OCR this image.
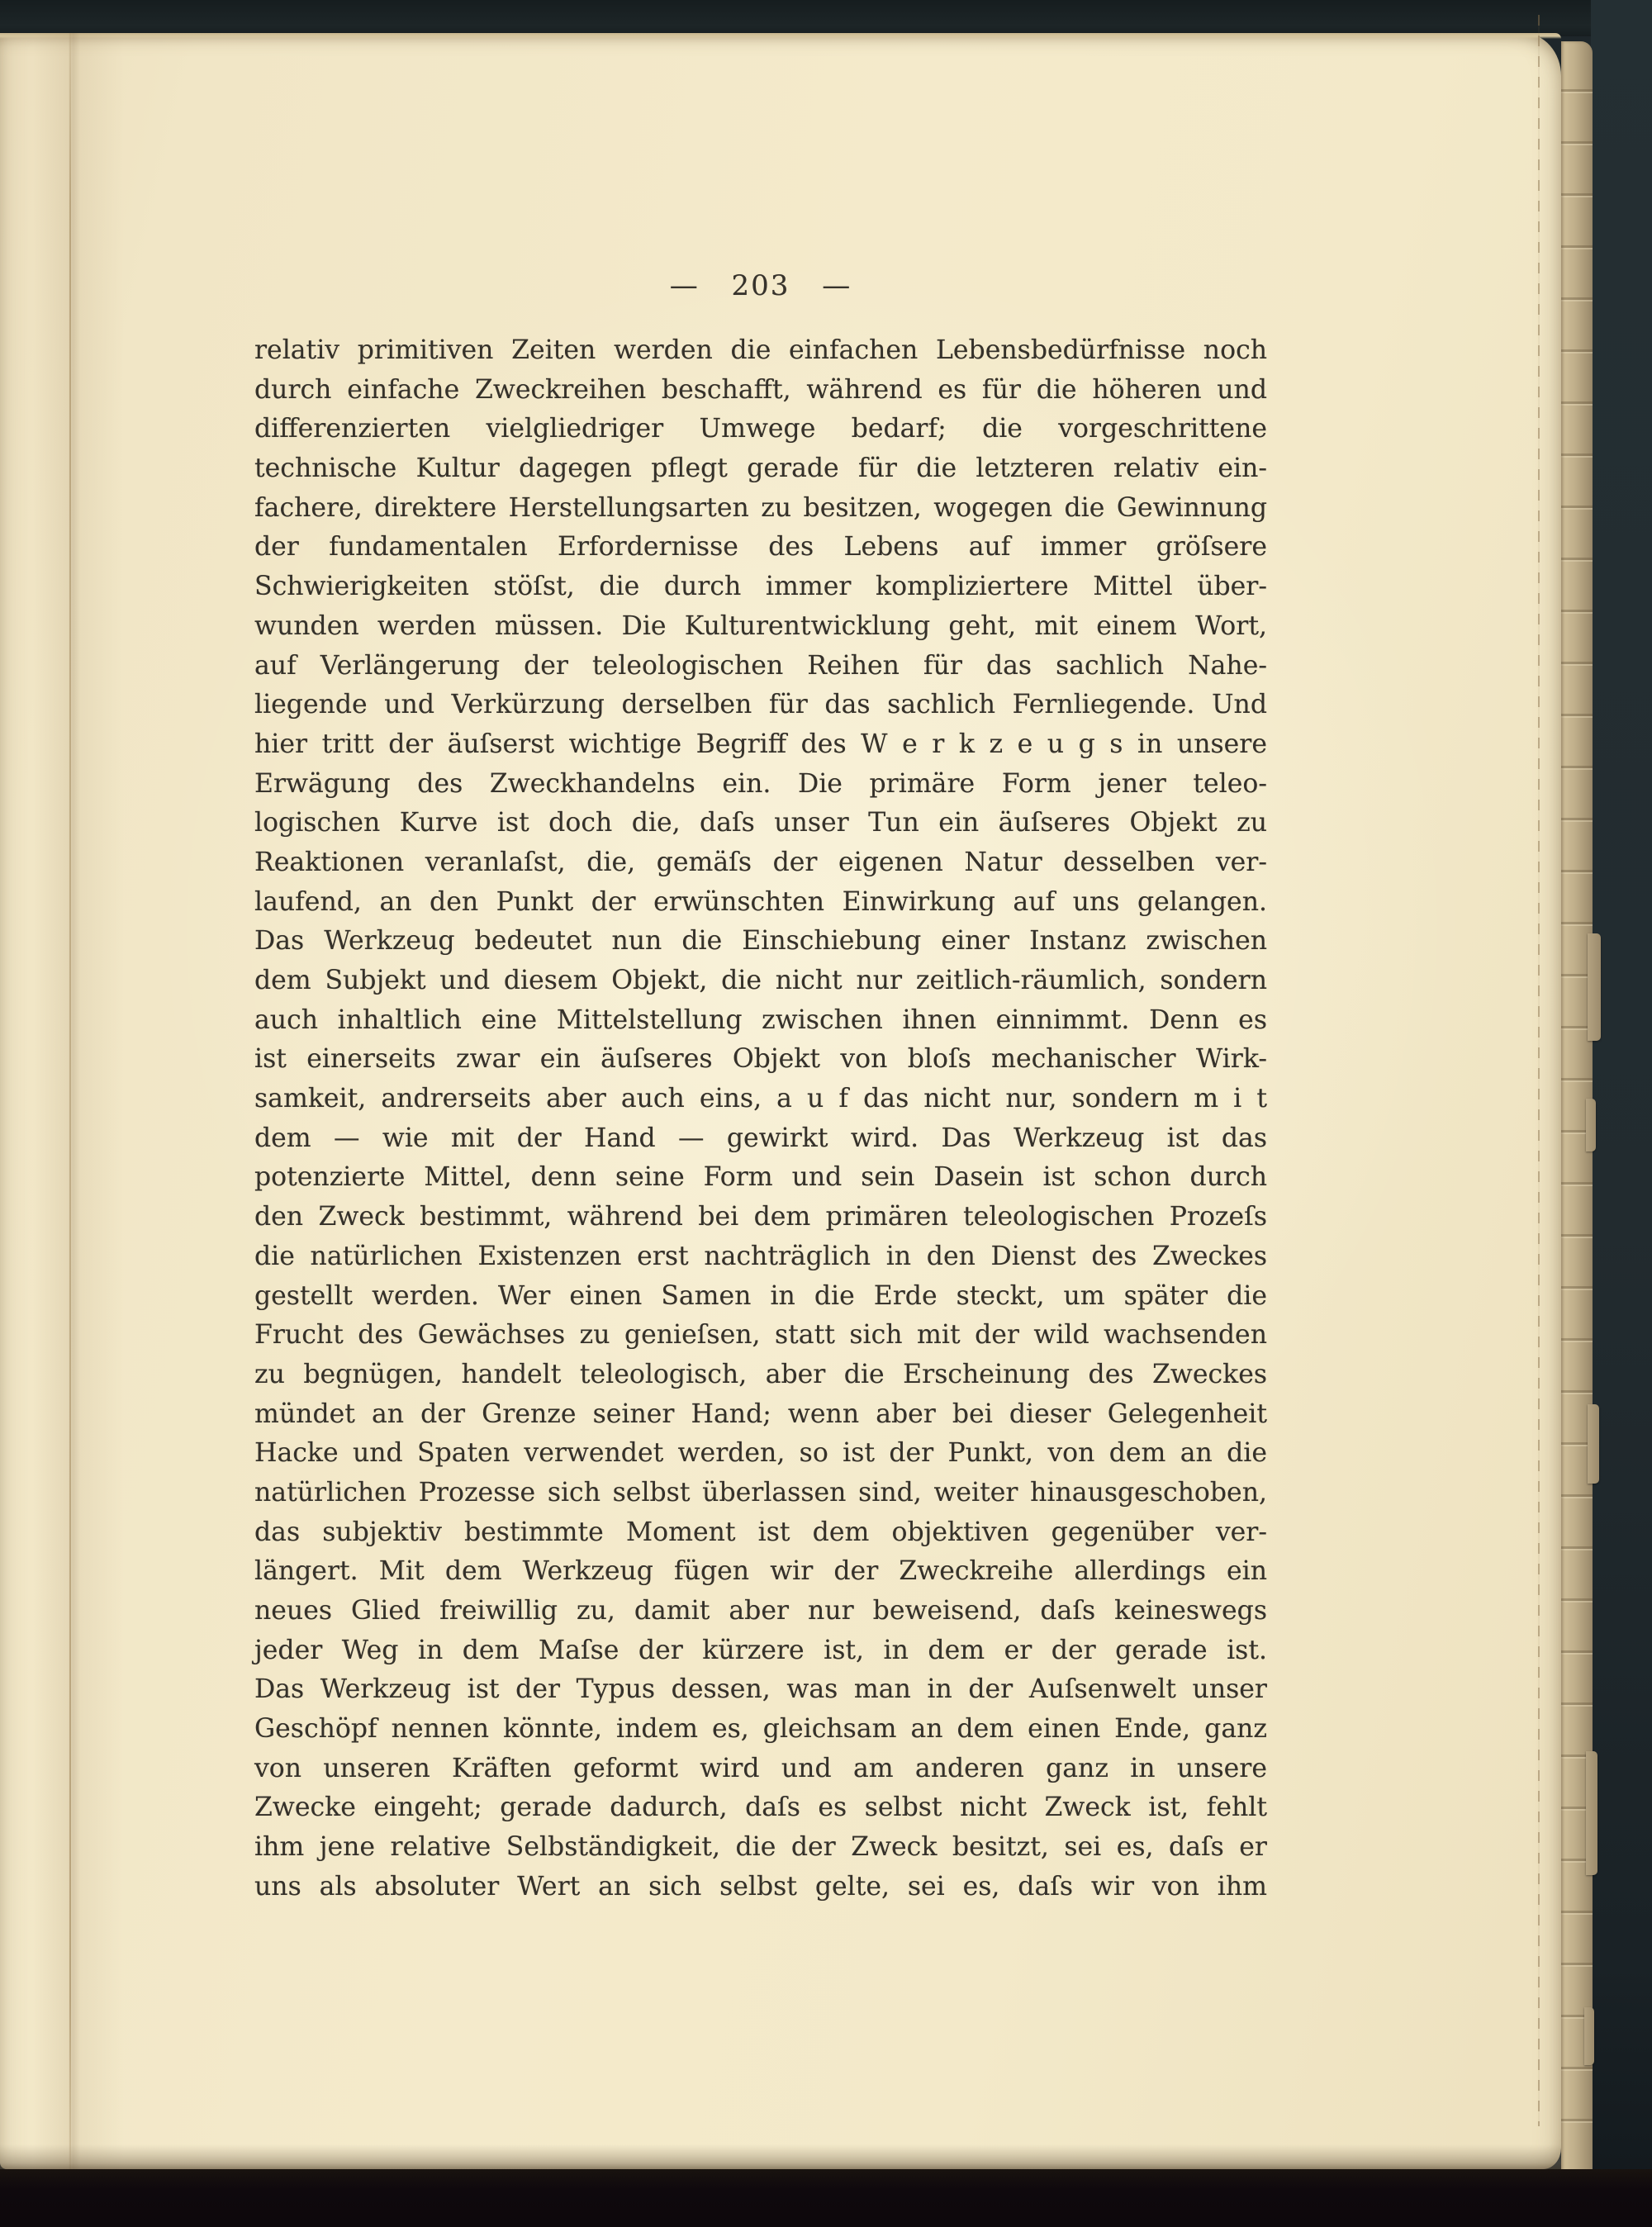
— 203 —
relativ primitiven Zeiten werden die einfachen Lebensbedürfnisse noch
durch einfache Zweckreihen beschafft, während es für die höheren und
differenzierten vielgliedriger Umwege bedarf; die vorgeschrittene
technische Kultur dagegen pflegt gerade für die letzteren relativ ein-
fachere, direktere Herstellungsarten zu besitzen, wogegen die Gewinnung
der fundamentalen Erfordernisse des Lebens auf immer gröſsere
Schwierigkeiten stöſst, die durch immer kompliziertere Mittel über-
wunden werden müssen. Die Kulturentwicklung geht, mit einem Wort,
auf Verlängerung der teleologischen Reihen für das sachlich Nahe-
liegende und Verkürzung derselben für das sachlich Fernliegende. Und
hier tritt der äuſserst wichtige Begriff des W e r k z e u g s in unsere
Erwägung des Zweckhandelns ein. Die primäre Form jener teleo-
logischen Kurve ist doch die, daſs unser Tun ein äuſseres Objekt zu
Reaktionen veranlaſst, die, gemäſs der eigenen Natur desselben ver-
laufend, an den Punkt der erwünschten Einwirkung auf uns gelangen.
Das Werkzeug bedeutet nun die Einschiebung einer Instanz zwischen
dem Subjekt und diesem Objekt, die nicht nur zeitlich-räumlich, sondern
auch inhaltlich eine Mittelstellung zwischen ihnen einnimmt. Denn es
ist einerseits zwar ein äuſseres Objekt von bloſs mechanischer Wirk-
samkeit, andrerseits aber auch eins, a u f das nicht nur, sondern m i t
dem — wie mit der Hand — gewirkt wird. Das Werkzeug ist das
potenzierte Mittel, denn seine Form und sein Dasein ist schon durch
den Zweck bestimmt, während bei dem primären teleologischen Prozeſs
die natürlichen Existenzen erst nachträglich in den Dienst des Zweckes
gestellt werden. Wer einen Samen in die Erde steckt, um später die
Frucht des Gewächses zu genieſsen, statt sich mit der wild wachsenden
zu begnügen, handelt teleologisch, aber die Erscheinung des Zweckes
mündet an der Grenze seiner Hand; wenn aber bei dieser Gelegenheit
Hacke und Spaten verwendet werden, so ist der Punkt, von dem an die
natürlichen Prozesse sich selbst überlassen sind, weiter hinausgeschoben,
das subjektiv bestimmte Moment ist dem objektiven gegenüber ver-
längert. Mit dem Werkzeug fügen wir der Zweckreihe allerdings ein
neues Glied freiwillig zu, damit aber nur beweisend, daſs keineswegs
jeder Weg in dem Maſse der kürzere ist, in dem er der gerade ist.
Das Werkzeug ist der Typus dessen, was man in der Auſsenwelt unser
Geschöpf nennen könnte, indem es, gleichsam an dem einen Ende, ganz
von unseren Kräften geformt wird und am anderen ganz in unsere
Zwecke eingeht; gerade dadurch, daſs es selbst nicht Zweck ist, fehlt
ihm jene relative Selbständigkeit, die der Zweck besitzt, sei es, daſs er
uns als absoluter Wert an sich selbst gelte, sei es, daſs wir von ihm
